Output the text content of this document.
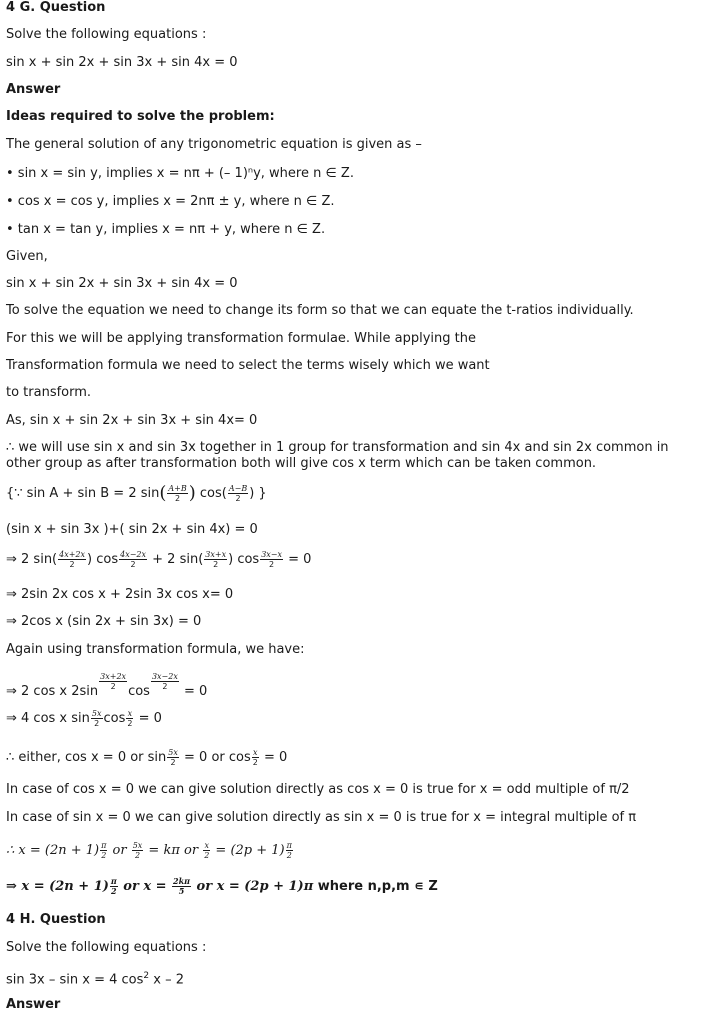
4 G. Question
Solve the following equations :
sin x + sin 2x + sin 3x + sin 4x = 0
Answer
Ideas required to solve the problem:
The general solution of any trigonometric equation is given as –
• sin x = sin y, implies x = nπ + (– 1)ⁿy, where n ∈ Z.
• cos x = cos y, implies x = 2nπ ± y, where n ∈ Z.
• tan x = tan y, implies x = nπ + y, where n ∈ Z.
Given,
sin x + sin 2x + sin 3x + sin 4x = 0
To solve the equation we need to change its form so that we can equate the t-ratios individually.
For this we will be applying transformation formulae. While applying the
Transformation formula we need to select the terms wisely which we want
to transform.
As, sin x + sin 2x + sin 3x + sin 4x= 0
∴ we will use sin x and sin 3x together in 1 group for transformation and sin 4x and sin 2x common in other group as after transformation both will give cos x term which can be taken common.
{∵ sin A + sin B = 2 $\sin( \frac{A+B}{2}$ ) $\cos( \frac{A-B}{2}$ ) }
(sin x + sin 3x )+( sin 2x + sin 4x) = 0
⇒ 2 $\sin( \frac{4x+2x}{2}$ ) $\cos \frac{4x-2x}{2} + 2$ $\sin( \frac{3x+x}{2}$ ) $\cos \frac{3x-x}{2} = 0$
⇒ 2sin 2x cos x + 2sin 3x cos x= 0
⇒ 2cos x (sin 2x + sin 3x) = 0
Again using transformation formula, we have:
⇒ 2 cos x 2sin
$\frac{3x+2x}{2}$
cos
$\frac{3x-2x}{2}$
= 0
⇒ 4 cos x $\sin \frac{5x}{2}$ $\cos \frac{x}{2} = 0$
∴ either, cos x = 0 or $\sin \frac{5x}{2} = 0$ or $\cos \frac{x}{2} = 0$
In case of cos x = 0 we can give solution directly as cos x = 0 is true for x = odd multiple of π/2
In case of sin x = 0 we can give solution directly as sin x = 0 is true for x = integral multiple of π
∴ $x = (2n + 1) \frac{\pi}{2}$ or $\frac{5x}{2} = k\pi$ or $\frac{x}{2} = (2p + 1) \frac{\pi}{2}$
⇒ $x = (2n + 1) \frac{\pi}{2}$ or $x = \frac{2k\pi}{5}$ or x = (2p + 1)π where n,p,m ∊ Z
4 H. Question
Solve the following equations :
sin 3x – sin x = 4 $\cos^2 x - 2$
Answer
